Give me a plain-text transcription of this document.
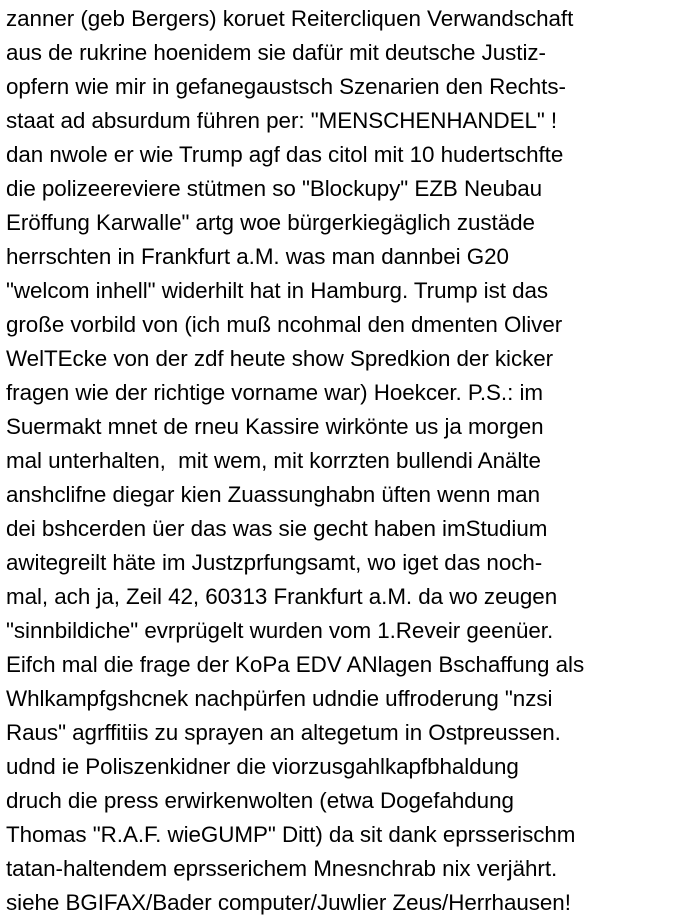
zanner (geb Bergers) koruet Reitercliquen Verwandschaft
aus de rukrine hoenidem sie dafür mit deutsche Justiz-
opfern wie mir in gefanegaustsch Szenarien den Rechts-
staat ad absurdum führen per: "MENSCHENHANDEL" !
dan nwole er wie Trump agf das citol mit 10 hudertschfte
die polizeereviere stütmen so "Blockupy" EZB Neubau
Eröffung Karwalle" artg woe bürgerkiegäglich zustäde
herrschten in Frankfurt a.M. was man dannbei G20
"welcom inhell" widerhilt hat in Hamburg. Trump ist das
große vorbild von (ich muß ncohmal den dmenten Oliver
WelTEcke von der zdf heute show Spredkion der kicker
fragen wie der richtige vorname war) Hoekcer. P.S.: im
Suermakt mnet de rneu Kassire wirkönte us ja morgen
mal unterhalten,  mit wem, mit korrzten bullendi Anälte
anshclifne diegar kien Zuassunghabn üften wenn man
dei bshcerden üer das was sie gecht haben imStudium
awitegreilt häte im Justzprfungsamt, wo iget das noch-
mal, ach ja, Zeil 42, 60313 Frankfurt a.M. da wo zeugen
"sinnbildiche" evrprügelt wurden vom 1.Reveir geenüer.
Eifch mal die frage der KoPa EDV ANlagen Bschaffung als
Whlkampfgshcnek nachpürfen udndie uffroderung "nzsi
Raus" agrffitiis zu sprayen an altegetum in Ostpreussen.
udnd ie Poliszenkidner die viorzusgahlkapfbhaldung
druch die press erwirkenwolten (etwa Dogefahdung
Thomas "R.A.F. wieGUMP" Ditt) da sit dank eprsserischm
tatan-haltendem eprsserichem Mnesnchrab nix verjährt.
siehe BGIFAX/Bader computer/Juwlier Zeus/Herrhausen!
